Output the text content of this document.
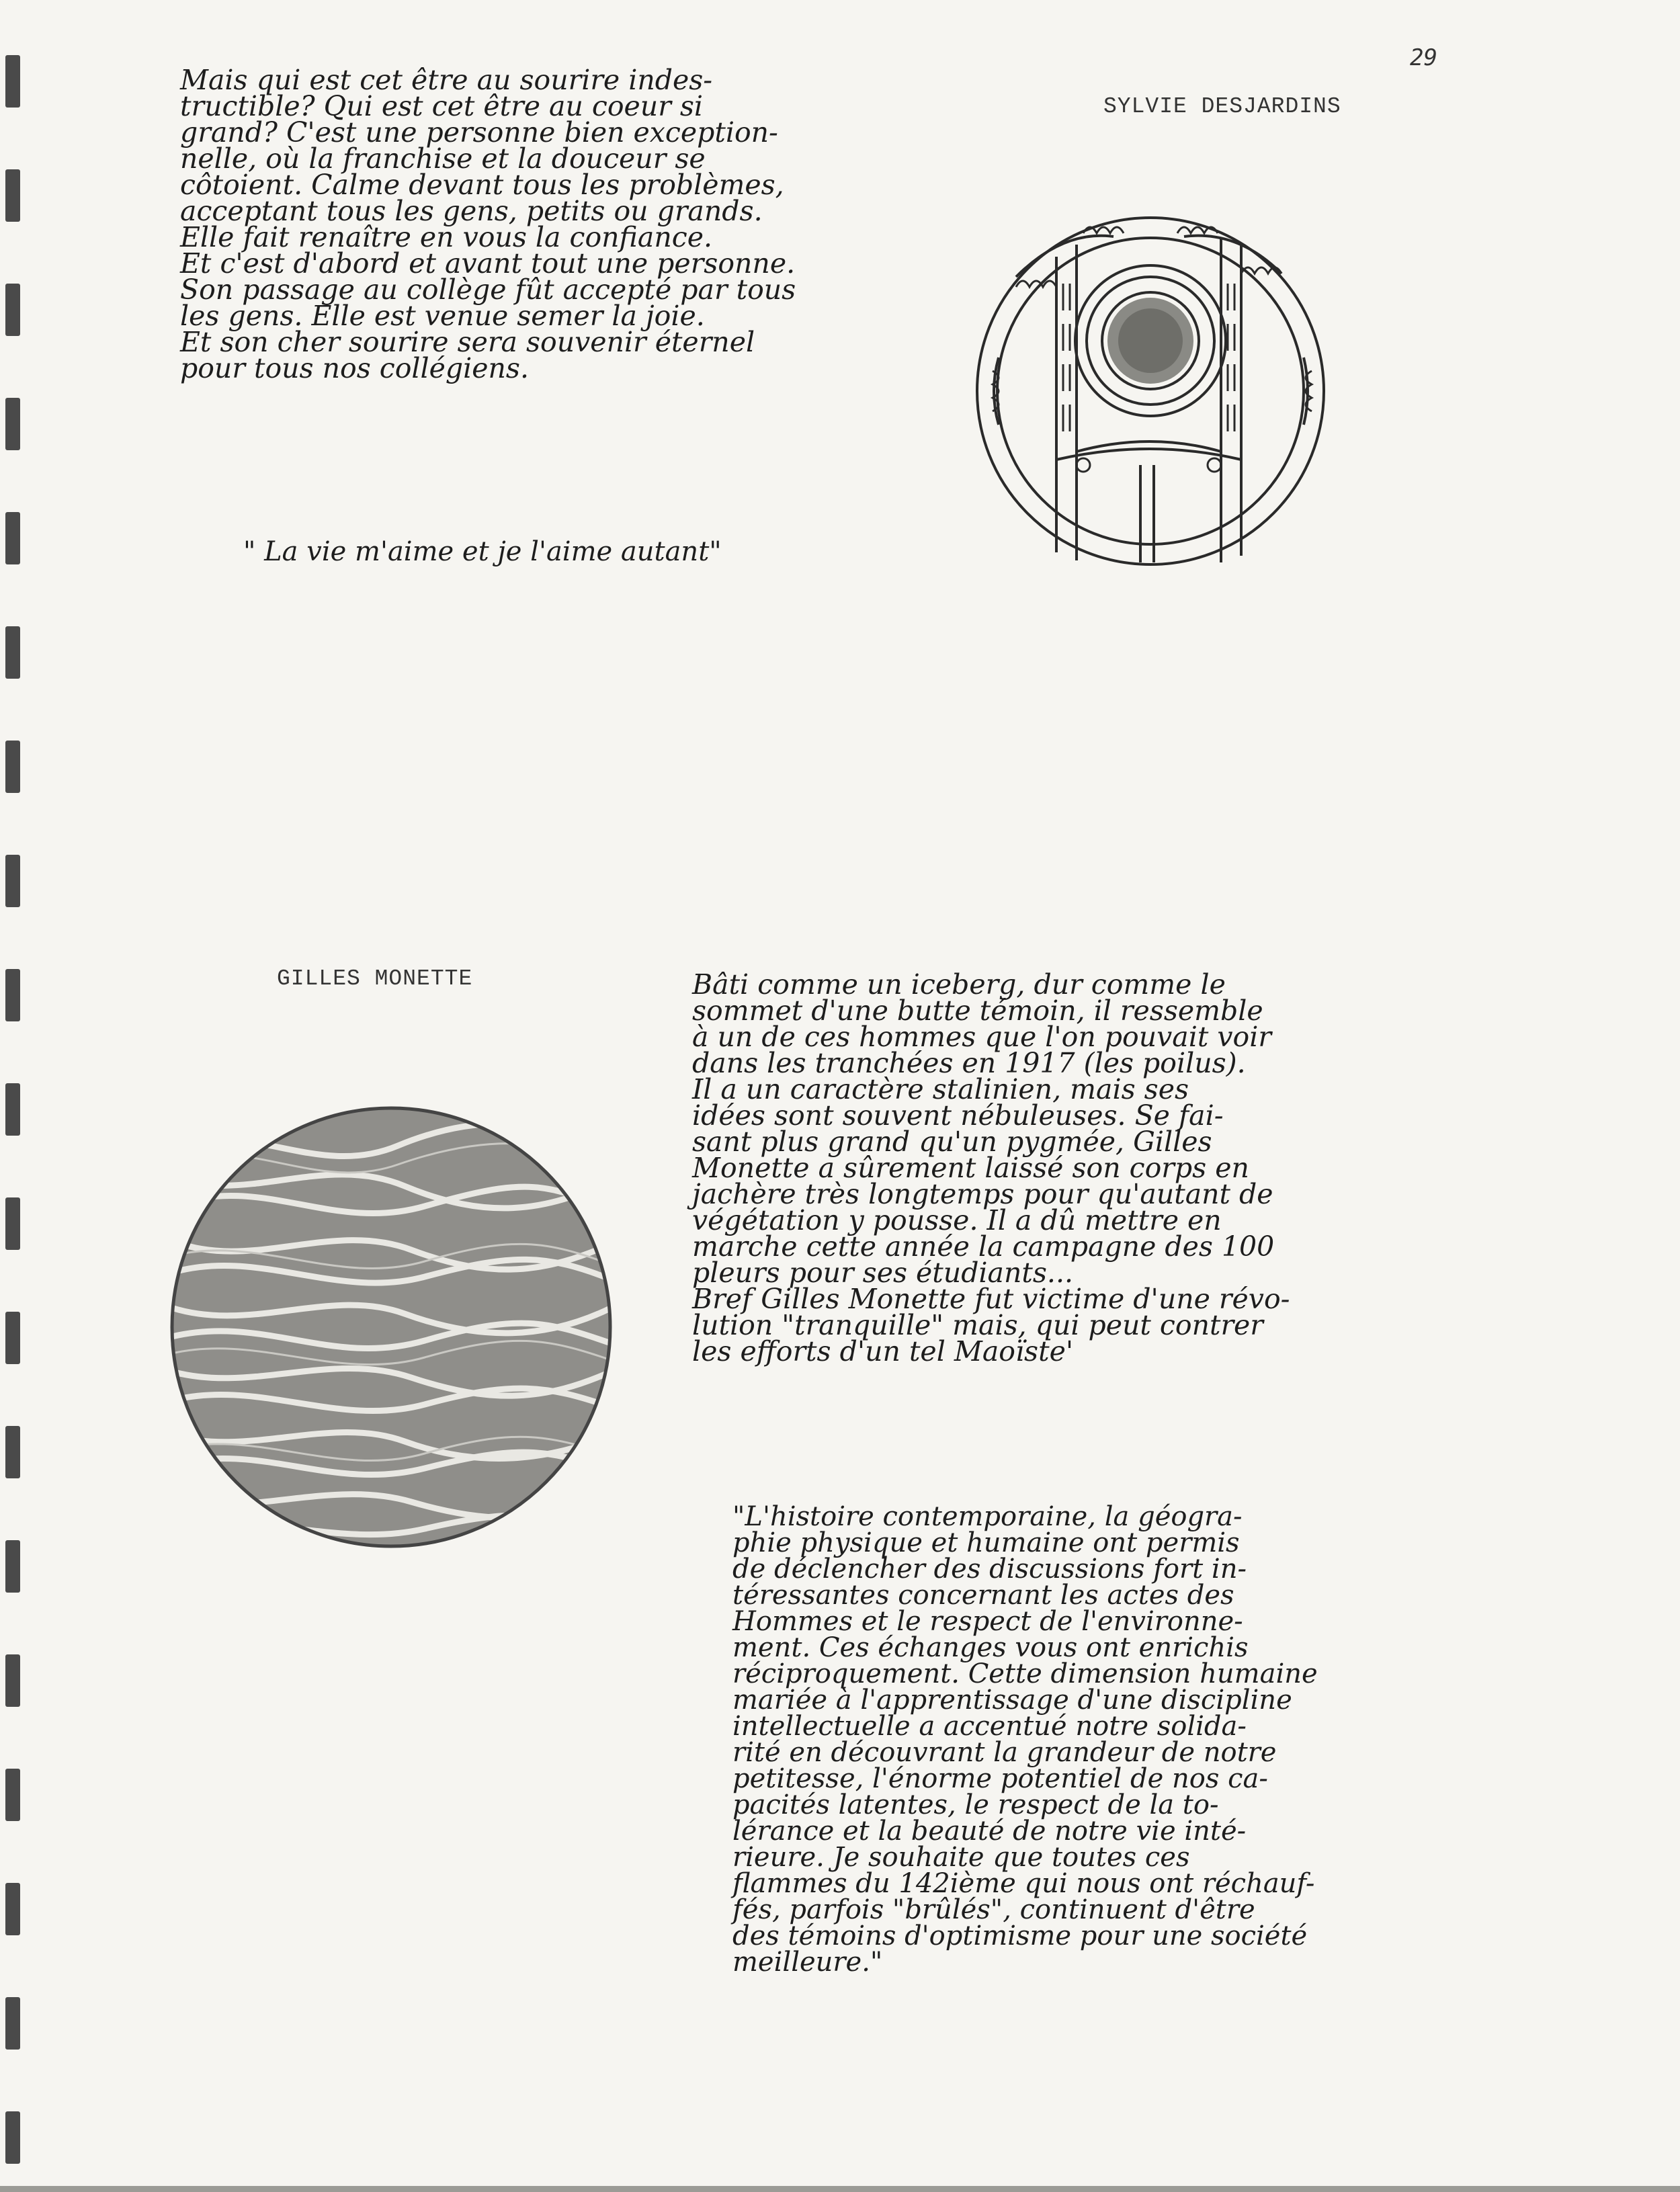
29
SYLVIE DESJARDINS
Mais qui est cet être au sourire indes-
tructible? Qui est cet être au coeur si
grand? C'est une personne bien exception-
nelle, où la franchise et la douceur se
côtoient. Calme devant tous les problèmes,
acceptant tous les gens, petits ou grands.
Elle fait renaître en vous la confiance.
Et c'est d'abord et avant tout une personne.
Son passage au collège fût accepté par tous
les gens. Elle est venue semer la joie.
Et son cher sourire sera souvenir éternel
pour tous nos collégiens.
" La vie m'aime et je l'aime autant"
GILLES MONETTE	Bâti comme un iceberg, dur comme le
sommet d'une butte témoin, il ressemble
à un de ces hommes que l'on pouvait voir
dans les tranchées en 1917 (les poilus).
Il a un caractère stalinien, mais ses
idées sont souvent nébuleuses. Se fai-
sant plus grand qu'un pygmée, Gilles
Monette a sûrement laissé son corps en
jachère très longtemps pour qu'autant de
végétation y pousse. Il a dû mettre en
marche cette année la campagne des 100
pleurs pour ses étudiants...
Bref Gilles Monette fut victime d'une révo-
lution "tranquille" mais, qui peut contrer
les efforts d'un tel Maoïste'
"L'histoire contemporaine, la géogra-
phie physique et humaine ont permis
de déclencher des discussions fort in-
téressantes concernant les actes des
Hommes et le respect de l'environne-
ment. Ces échanges vous ont enrichis
réciproquement. Cette dimension humaine
mariée à l'apprentissage d'une discipline
intellectuelle a accentué notre solida-
rité en découvrant la grandeur de notre
petitesse, l'énorme potentiel de nos ca-
pacités latentes, le respect de la to-
lérance et la beauté de notre vie inté-
rieure. Je souhaite que toutes ces
flammes du 142ième qui nous ont réchauf-
fés, parfois "brûlés", continuent d'être
des témoins d'optimisme pour une société
meilleure."
